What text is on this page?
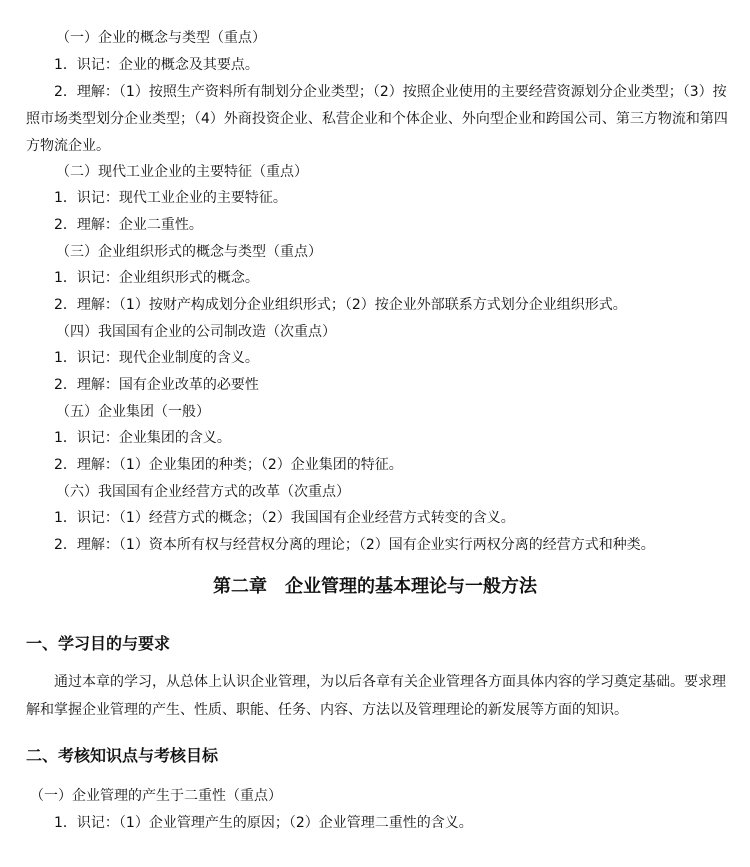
（一）企业的概念与类型（重点）
1．识记：企业的概念及其要点。
2．理解：（1）按照生产资料所有制划分企业类型；（2）按照企业使用的主要经营资源划分企业类型；（3）按照市场类型划分企业类型；（4）外商投资企业、私营企业和个体企业、外向型企业和跨国公司、第三方物流和第四方物流企业。
（二）现代工业企业的主要特征（重点）
1．识记：现代工业企业的主要特征。
2．理解：企业二重性。
（三）企业组织形式的概念与类型（重点）
1．识记：企业组织形式的概念。
2．理解：（1）按财产构成划分企业组织形式；（2）按企业外部联系方式划分企业组织形式。
（四）我国国有企业的公司制改造（次重点）
1．识记：现代企业制度的含义。
2．理解：国有企业改革的必要性
（五）企业集团（一般）
1．识记：企业集团的含义。
2．理解：（1）企业集团的种类；（2）企业集团的特征。
（六）我国国有企业经营方式的改革（次重点）
1．识记：（1）经营方式的概念；（2）我国国有企业经营方式转变的含义。
2．理解：（1）资本所有权与经营权分离的理论；（2）国有企业实行两权分离的经营方式和种类。
第二章　企业管理的基本理论与一般方法
一、学习目的与要求
通过本章的学习，从总体上认识企业管理，为以后各章有关企业管理各方面具体内容的学习奠定基础。要求理解和掌握企业管理的产生、性质、职能、任务、内容、方法以及管理理论的新发展等方面的知识。
二、考核知识点与考核目标
（一）企业管理的产生于二重性（重点）
1．识记：（1）企业管理产生的原因；（2）企业管理二重性的含义。
